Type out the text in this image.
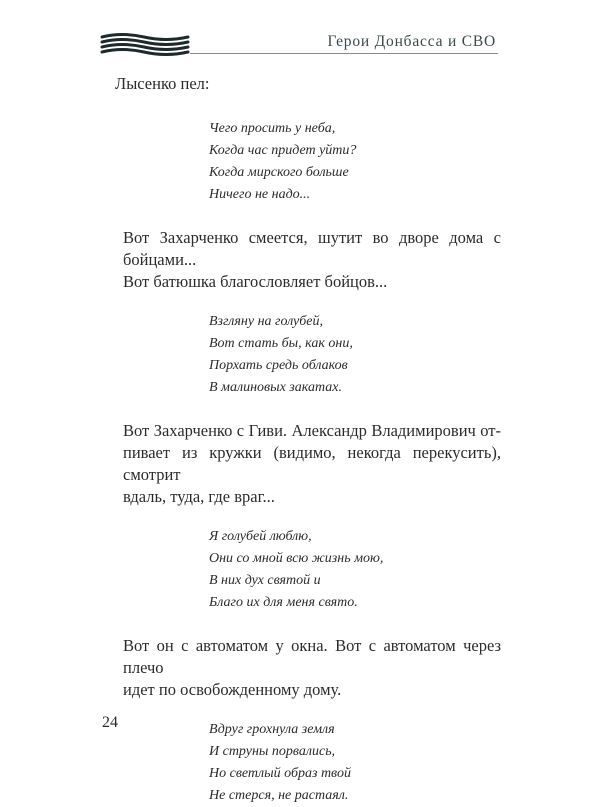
Герои Донбасса и СВО

Лысенко пел:

Чего просить у неба,
Когда час придет уйти?
Когда мирского больше
Ничего не надо...

Вот Захарченко смеется, шутит во дворе дома с бойцами...

Вот батюшка благословляет бойцов...

Взгляну на голубей,
Вот стать бы, как они,
Порхать средь облаков
В малиновых закатах.

Вот Захарченко с Гиви. Александр Владимирович от-

пивает из кружки (видимо, некогда перекусить), смотрит

вдаль, туда, где враг...

Я голубей люблю,
Они со мной всю жизнь мою,
В них дух святой и
Благо их для меня свято.

Вот он с автоматом у окна. Вот с автоматом через плечо

идет по освобожденному дому.

Вдруг грохнула земля
И струны порвались,
Но светлый образ твой
Не стерся, не растаял.
24
